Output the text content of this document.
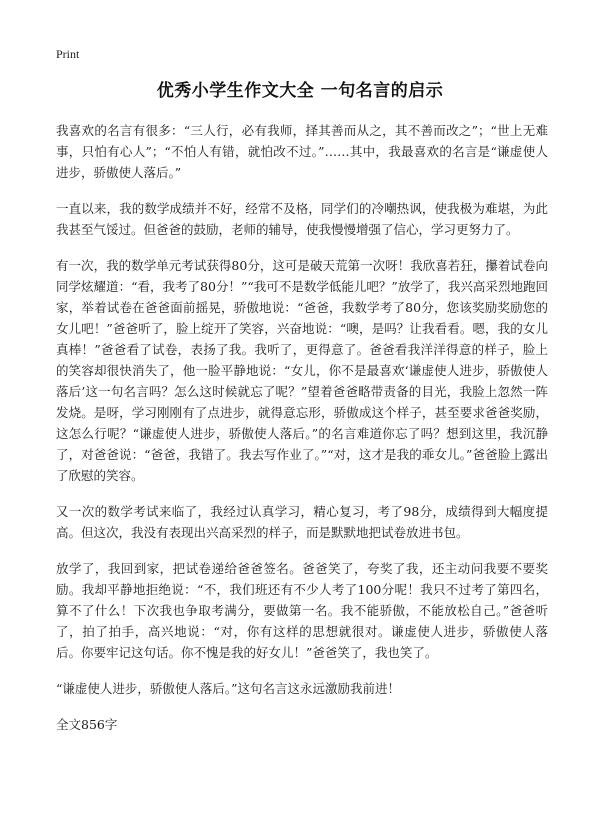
Print
优秀小学生作文大全 一句名言的启示

我喜欢的名言有很多：“三人行，必有我师，择其善而从之，其不善而改之”；“世上无难事，只怕有心人”；“不怕人有错，就怕改不过。”……其中，我最喜欢的名言是“谦虚使人进步，骄傲使人落后。”

一直以来，我的数学成绩并不好，经常不及格，同学们的冷嘲热讽，使我极为难堪，为此我甚至气馁过。但爸爸的鼓励，老师的辅导，使我慢慢增强了信心，学习更努力了。

有一次，我的数学单元考试获得80分，这可是破天荒第一次呀！我欣喜若狂，攥着试卷向同学炫耀道：“看，我考了80分！”“我可不是数学低能儿吧？”放学了，我兴高采烈地跑回家，举着试卷在爸爸面前摇晃，骄傲地说：“爸爸，我数学考了80分，您该奖励奖励您的女儿吧！”爸爸听了，脸上绽开了笑容，兴奋地说：“噢，是吗？让我看看。嗯，我的女儿真棒！”爸爸看了试卷，表扬了我。我听了，更得意了。爸爸看我洋洋得意的样子，脸上的笑容却很快消失了，他一脸平静地说：“女儿，你不是最喜欢‘谦虚使人进步，骄傲使人落后’这一句名言吗？怎么这时候就忘了呢？”望着爸爸略带责备的目光，我脸上忽然一阵发烧。是呀，学习刚刚有了点进步，就得意忘形，骄傲成这个样子，甚至要求爸爸奖励，这怎么行呢？“谦虚使人进步，骄傲使人落后。”的名言难道你忘了吗？想到这里，我沉静了，对爸爸说：“爸爸，我错了。我去写作业了。”“对，这才是我的乖女儿。”爸爸脸上露出了欣慰的笑容。

又一次的数学考试来临了，我经过认真学习，精心复习，考了98分，成绩得到大幅度提高。但这次，我没有表现出兴高采烈的样子，而是默默地把试卷放进书包。

放学了，我回到家，把试卷递给爸爸签名。爸爸笑了，夸奖了我，还主动问我要不要奖励。我却平静地拒绝说：“不，我们班还有不少人考了100分呢！我只不过考了第四名，算不了什么！下次我也争取考满分，要做第一名。我不能骄傲，不能放松自己。”爸爸听了，拍了拍手，高兴地说：“对，你有这样的思想就很对。谦虚使人进步，骄傲使人落后。你要牢记这句话。你不愧是我的好女儿！”爸爸笑了，我也笑了。

“谦虚使人进步，骄傲使人落后。”这句名言这永远激励我前进！

全文856字
